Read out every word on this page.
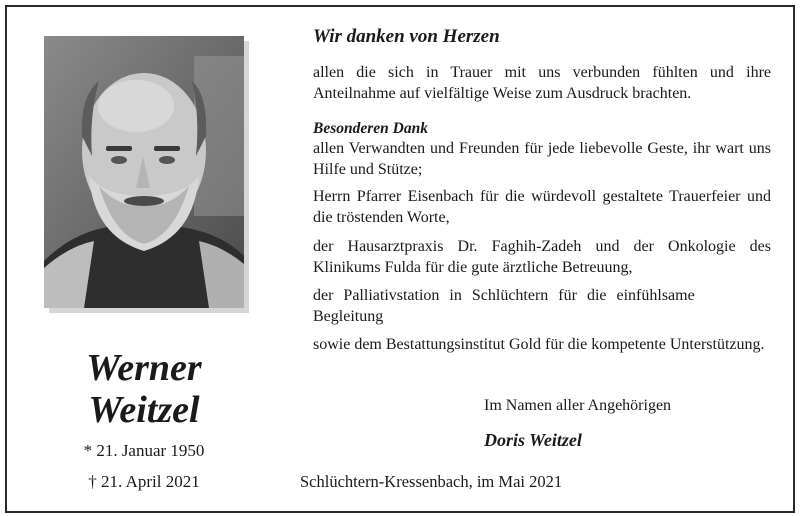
Werner
Weitzel
* 21. Januar 1950
† 21. April 2021
Wir danken von Herzen
allen die sich in Trauer mit uns verbunden fühlten und ihre Anteilnahme auf vielfältige Weise zum Ausdruck brachten.
Besonderen Dank
allen Verwandten und Freunden für jede liebevolle Geste, ihr wart uns Hilfe und Stütze;
Herrn Pfarrer Eisenbach für die würdevoll gestaltete Trauerfeier und die tröstenden Worte,
der Hausarztpraxis Dr. Faghih-Zadeh und der Onkologie des Klinikums Fulda für die gute ärztliche Betreuung,
der Palliativstation in Schlüchtern für die einfühlsame Begleitung
sowie dem Bestattungsinstitut Gold für die kompetente Unterstützung.
Im Namen aller Angehörigen
Doris Weitzel
Schlüchtern-Kressenbach, im Mai 2021
